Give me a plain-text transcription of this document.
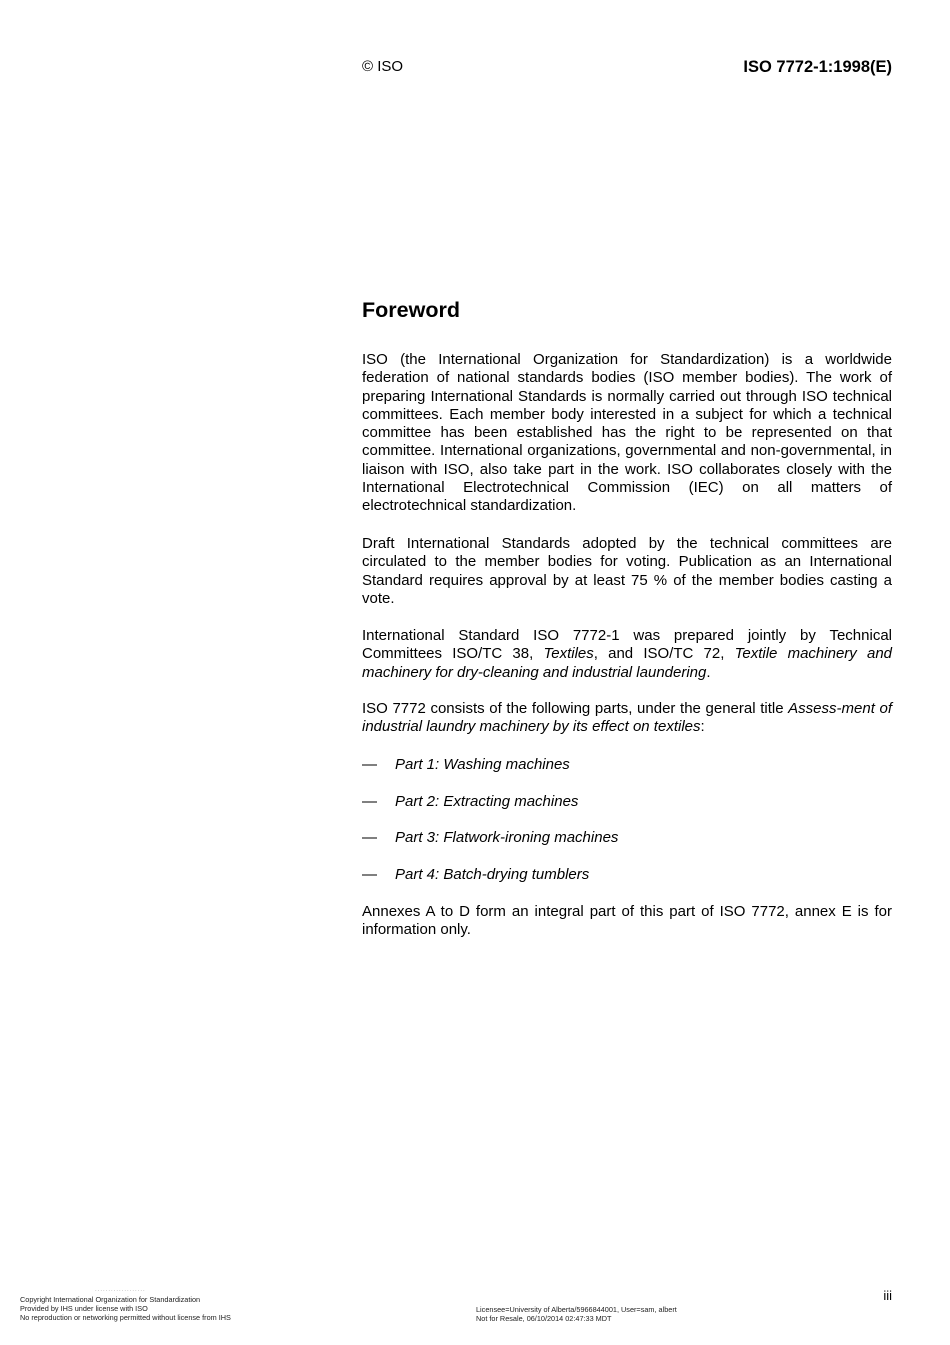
© ISO	ISO 7772-1:1998(E)
Foreword

ISO (the International Organization for Standardization) is a worldwide federation of national standards bodies (ISO member bodies). The work of preparing International Standards is normally carried out through ISO technical committees. Each member body interested in a subject for which a technical committee has been established has the right to be represented on that committee. International organizations, governmental and non-governmental, in liaison with ISO, also take part in the work. ISO collaborates closely with the International Electrotechnical Commission (IEC) on all matters of electrotechnical standardization.

Draft International Standards adopted by the technical committees are circulated to the member bodies for voting. Publication as an International Standard requires approval by at least 75 % of the member bodies casting a vote.

International Standard ISO 7772-1 was prepared jointly by Technical Committees ISO/TC 38, Textiles, and ISO/TC 72, Textile machinery and machinery for dry-cleaning and industrial laundering.

ISO 7772 consists of the following parts, under the general title Assess-ment of industrial laundry machinery by its effect on textiles:

— Part 1: Washing machines

— Part 2: Extracting machines

— Part 3: Flatwork-ironing machines

— Part 4: Batch-drying tumblers

Annexes A to D form an integral part of this part of ISO 7772, annex E is for information only.

iii
...................
Copyright International Organization for Standardization
Provided by IHS under license with ISO
No reproduction or networking permitted without license from IHS
Licensee=University of Alberta/5966844001, User=sam, albert
Not for Resale, 06/10/2014 02:47:33 MDT
